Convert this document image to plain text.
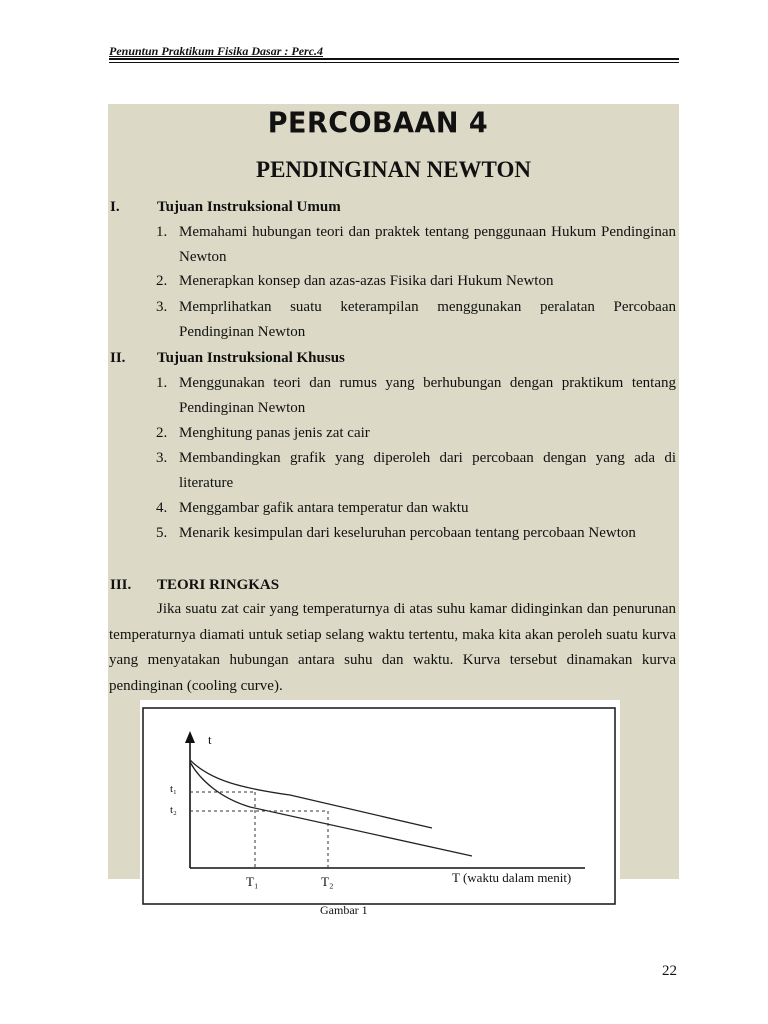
Penuntun Praktikum Fisika Dasar : Perc.4
PERCOBAAN 4
PENDINGINAN NEWTON
I. Tujuan Instruksional Umum
1. Memahami hubungan teori dan praktek tentang penggunaan Hukum Pendinginan Newton
2. Menerapkan konsep dan azas-azas Fisika dari Hukum Newton
3. Memprlihatkan suatu keterampilan menggunakan peralatan Percobaan Pendinginan Newton
II. Tujuan Instruksional Khusus
1. Menggunakan teori dan rumus yang berhubungan dengan praktikum tentang Pendinginan Newton
2. Menghitung panas jenis zat cair
3. Membandingkan grafik yang diperoleh dari percobaan dengan yang ada di literature
4. Menggambar gafik antara temperatur dan waktu
5. Menarik kesimpulan dari keseluruhan percobaan tentang percobaan Newton
III. TEORI RINGKAS
Jika suatu zat cair yang temperaturnya di atas suhu kamar didinginkan dan penurunan temperaturnya diamati untuk setiap selang waktu tertentu, maka kita akan peroleh suatu kurva yang menyatakan hubungan antara suhu dan waktu. Kurva tersebut dinamakan kurva pendinginan (cooling curve).
t
t₁
t₂
T₁	T₂	T (waktu dalam menit)
Gambar 1
22
